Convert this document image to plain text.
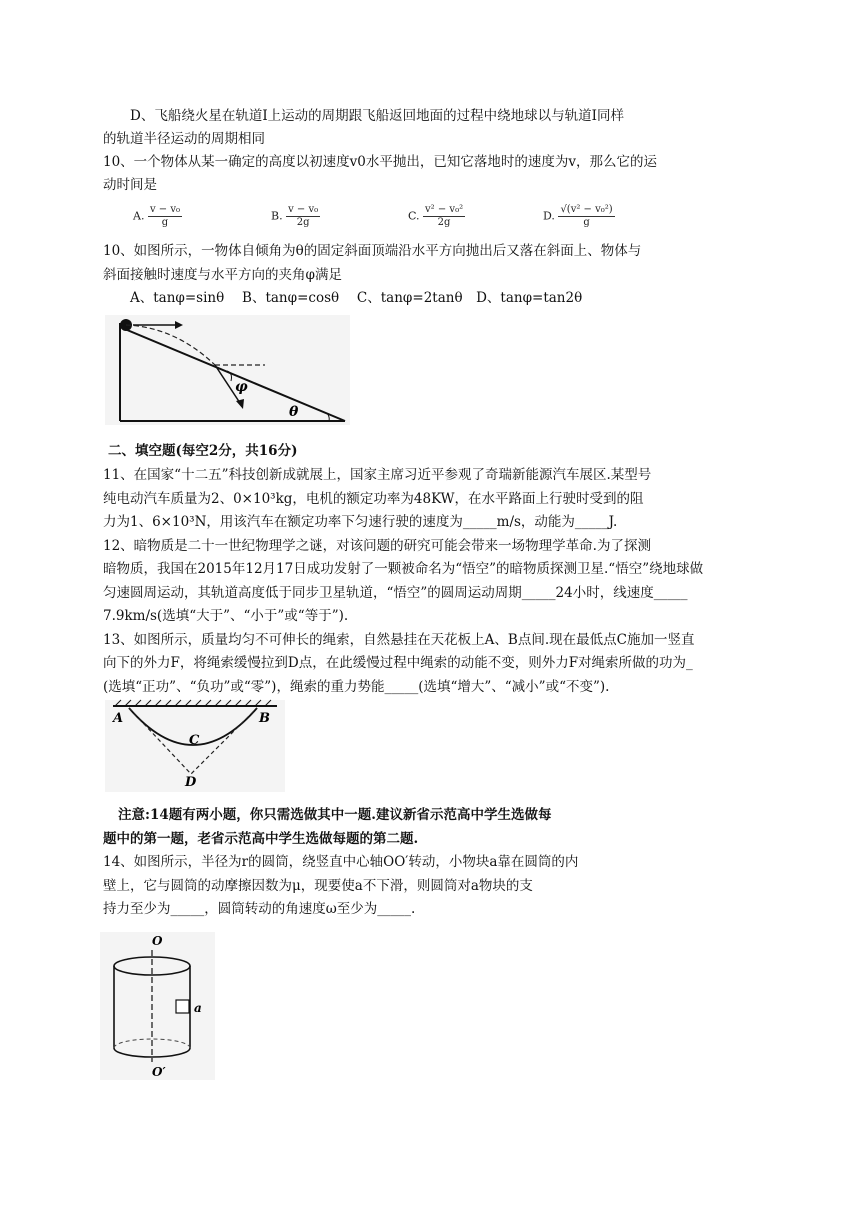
D、飞船绕火星在轨道Ⅰ上运动的周期跟飞船返回地面的过程中绕地球以与轨道Ⅰ同样
的轨道半径运动的周期相同
10、一个物体从某一确定的高度以初速度v0水平抛出，已知它落地时的速度为v，那么它的运
动时间是
A. $\frac{\text{v − v₀}}{g}$	B. $\frac{\text{v − v₀}}{2g}$	C. $\frac{\text{v² − v₀²}}{2g}$	D. $\frac{\text{√(v² − v₀²)}}{g}$
10、如图所示，一物体自倾角为θ的固定斜面顶端沿水平方向抛出后又落在斜面上、物体与
斜面接触时速度与水平方向的夹角φ满足
A、tanφ=sinθ　 B、tanφ=cosθ　 C、tanφ=2tanθ　D、tanφ=tan2θ
φ
θ
二、填空题(每空2分，共16分)
11、在国家“十二五”科技创新成就展上，国家主席习近平参观了奇瑞新能源汽车展区.某型号
纯电动汽车质量为2、0×10³kg，电机的额定功率为48KW，在水平路面上行驶时受到的阻
力为1、6×10³N，用该汽车在额定功率下匀速行驶的速度为_____m/s，动能为_____J.
12、暗物质是二十一世纪物理学之谜，对该问题的研究可能会带来一场物理学革命.为了探测
暗物质，我国在2015年12月17日成功发射了一颗被命名为“悟空”的暗物质探测卫星.“悟空”绕地球做
匀速圆周运动，其轨道高度低于同步卫星轨道，“悟空”的圆周运动周期_____24小时，线速度_____
7.9km/s(选填“大于”、“小于”或“等于”).
13、如图所示，质量均匀不可伸长的绳索，自然悬挂在天花板上A、B点间.现在最低点C施加一竖直
向下的外力F，将绳索缓慢拉到D点，在此缓慢过程中绳索的动能不变，则外力F对绳索所做的功为_
(选填“正功”、“负功”或“零”)，绳索的重力势能_____(选填“增大”、“减小”或“不变”).
A	B
C
D
注意:14题有两小题，你只需选做其中一题.建议新省示范高中学生选做每
题中的第一题，老省示范高中学生选做每题的第二题.
14、如图所示，半径为r的圆筒，绕竖直中心轴OO′转动，小物块a靠在圆筒的内
壁上，它与圆筒的动摩擦因数为μ，现要使a不下滑，则圆筒对a物块的支
持力至少为_____，圆筒转动的角速度ω至少为_____.
O
a
O′
